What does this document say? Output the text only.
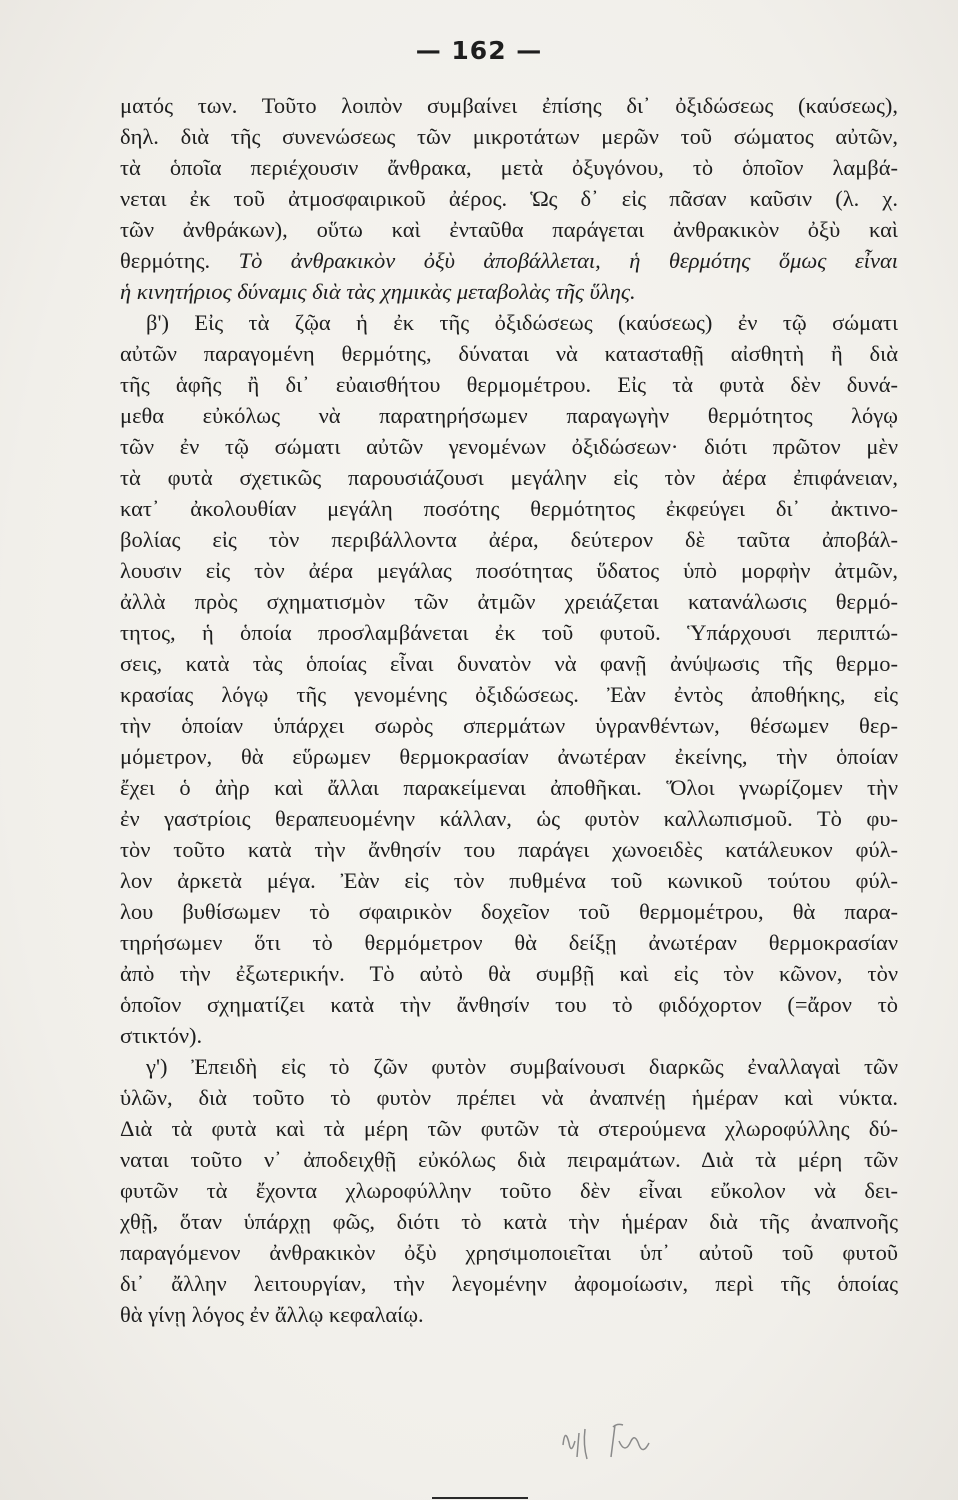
— 162 —

ματός των. Τοῦτο λοιπὸν συμβαίνει ἐπίσης δι᾽ ὀξιδώσεως (καύσεως),
δηλ. διὰ τῆς συνενώσεως τῶν μικροτάτων μερῶν τοῦ σώματος αὐτῶν,
τὰ ὁποῖα περιέχουσιν ἄνθρακα, μετὰ ὀξυγόνου, τὸ ὁποῖον λαμβά-
νεται ἐκ τοῦ ἀτμοσφαιρικοῦ ἀέρος. Ὡς δ᾽ εἰς πᾶσαν καῦσιν (λ. χ.
τῶν ἀνθράκων), οὕτω καὶ ἐνταῦθα παράγεται ἀνθρακικὸν ὀξὺ καὶ
θερμότης. Τὸ ἀνθρακικὸν ὀξὺ ἀποβάλλεται, ἡ θερμότης ὅμως εἶναι
ἡ κινητήριος δύναμις διὰ τὰς χημικὰς μεταβολὰς τῆς ὕλης.

β') Εἰς τὰ ζῷα ἡ ἐκ τῆς ὀξιδώσεως (καύσεως) ἐν τῷ σώματι
αὐτῶν παραγομένη θερμότης, δύναται νὰ κατασταθῇ αἰσθητὴ ἢ διὰ
τῆς ἁφῆς ἢ δι᾽ εὐαισθήτου θερμομέτρου. Εἰς τὰ φυτὰ δὲν δυνά-
μεθα εὐκόλως νὰ παρατηρήσωμεν παραγωγὴν θερμότητος λόγῳ
τῶν ἐν τῷ σώματι αὐτῶν γενομένων ὀξιδώσεων· διότι πρῶτον μὲν
τὰ φυτὰ σχετικῶς παρουσιάζουσι μεγάλην εἰς τὸν ἀέρα ἐπιφάνειαν,
κατ᾽ ἀκολουθίαν μεγάλη ποσότης θερμότητος ἐκφεύγει δι᾽ ἀκτινο-
βολίας εἰς τὸν περιβάλλοντα ἀέρα, δεύτερον δὲ ταῦτα ἀποβάλ-
λουσιν εἰς τὸν ἀέρα μεγάλας ποσότητας ὕδατος ὑπὸ μορφὴν ἀτμῶν,
ἀλλὰ πρὸς σχηματισμὸν τῶν ἀτμῶν χρειάζεται κατανάλωσις θερμό-
τητος, ἡ ὁποία προσλαμβάνεται ἐκ τοῦ φυτοῦ. Ὑπάρχουσι περιπτώ-
σεις, κατὰ τὰς ὁποίας εἶναι δυνατὸν νὰ φανῇ ἀνύψωσις τῆς θερμο-
κρασίας λόγῳ τῆς γενομένης ὀξιδώσεως. Ἐὰν ἐντὸς ἀποθήκης, εἰς
τὴν ὁποίαν ὑπάρχει σωρὸς σπερμάτων ὑγρανθέντων, θέσωμεν θερ-
μόμετρον, θὰ εὕρωμεν θερμοκρασίαν ἀνωτέραν ἐκείνης, τὴν ὁποίαν
ἔχει ὁ ἀὴρ καὶ ἄλλαι παρακείμεναι ἀποθῆκαι. Ὅλοι γνωρίζομεν τὴν
ἐν γαστρίοις θεραπευομένην κάλλαν, ὡς φυτὸν καλλωπισμοῦ. Τὸ φυ-
τὸν τοῦτο κατὰ τὴν ἄνθησίν του παράγει χωνοειδὲς κατάλευκον φύλ-
λον ἀρκετὰ μέγα. Ἐὰν εἰς τὸν πυθμένα τοῦ κωνικοῦ τούτου φύλ-
λου βυθίσωμεν τὸ σφαιρικὸν δοχεῖον τοῦ θερμομέτρου, θὰ παρα-
τηρήσωμεν ὅτι τὸ θερμόμετρον θὰ δείξῃ ἀνωτέραν θερμοκρασίαν
ἀπὸ τὴν ἐξωτερικήν. Τὸ αὐτὸ θὰ συμβῇ καὶ εἰς τὸν κῶνον, τὸν
ὁποῖον σχηματίζει κατὰ τὴν ἄνθησίν του τὸ φιδόχορτον (=ἄρον τὸ
στικτόν).

γ') Ἐπειδὴ εἰς τὸ ζῶν φυτὸν συμβαίνουσι διαρκῶς ἐναλλαγαὶ τῶν
ὑλῶν, διὰ τοῦτο τὸ φυτὸν πρέπει νὰ ἀναπνέῃ ἡμέραν καὶ νύκτα.
Διὰ τὰ φυτὰ καὶ τὰ μέρη τῶν φυτῶν τὰ στερούμενα χλωροφύλλης δύ-
ναται τοῦτο ν᾽ ἀποδειχθῇ εὐκόλως διὰ πειραμάτων. Διὰ τὰ μέρη τῶν
φυτῶν τὰ ἔχοντα χλωροφύλλην τοῦτο δὲν εἶναι εὔκολον νὰ δει-
χθῇ, ὅταν ὑπάρχῃ φῶς, διότι τὸ κατὰ τὴν ἡμέραν διὰ τῆς ἀναπνοῆς
παραγόμενον ἀνθρακικὸν ὀξὺ χρησιμοποιεῖται ὑπ᾽ αὐτοῦ τοῦ φυτοῦ
δι᾽ ἄλλην λειτουργίαν, τὴν λεγομένην ἀφομοίωσιν, περὶ τῆς ὁποίας
θὰ γίνῃ λόγος ἐν ἄλλῳ κεφαλαίῳ.
